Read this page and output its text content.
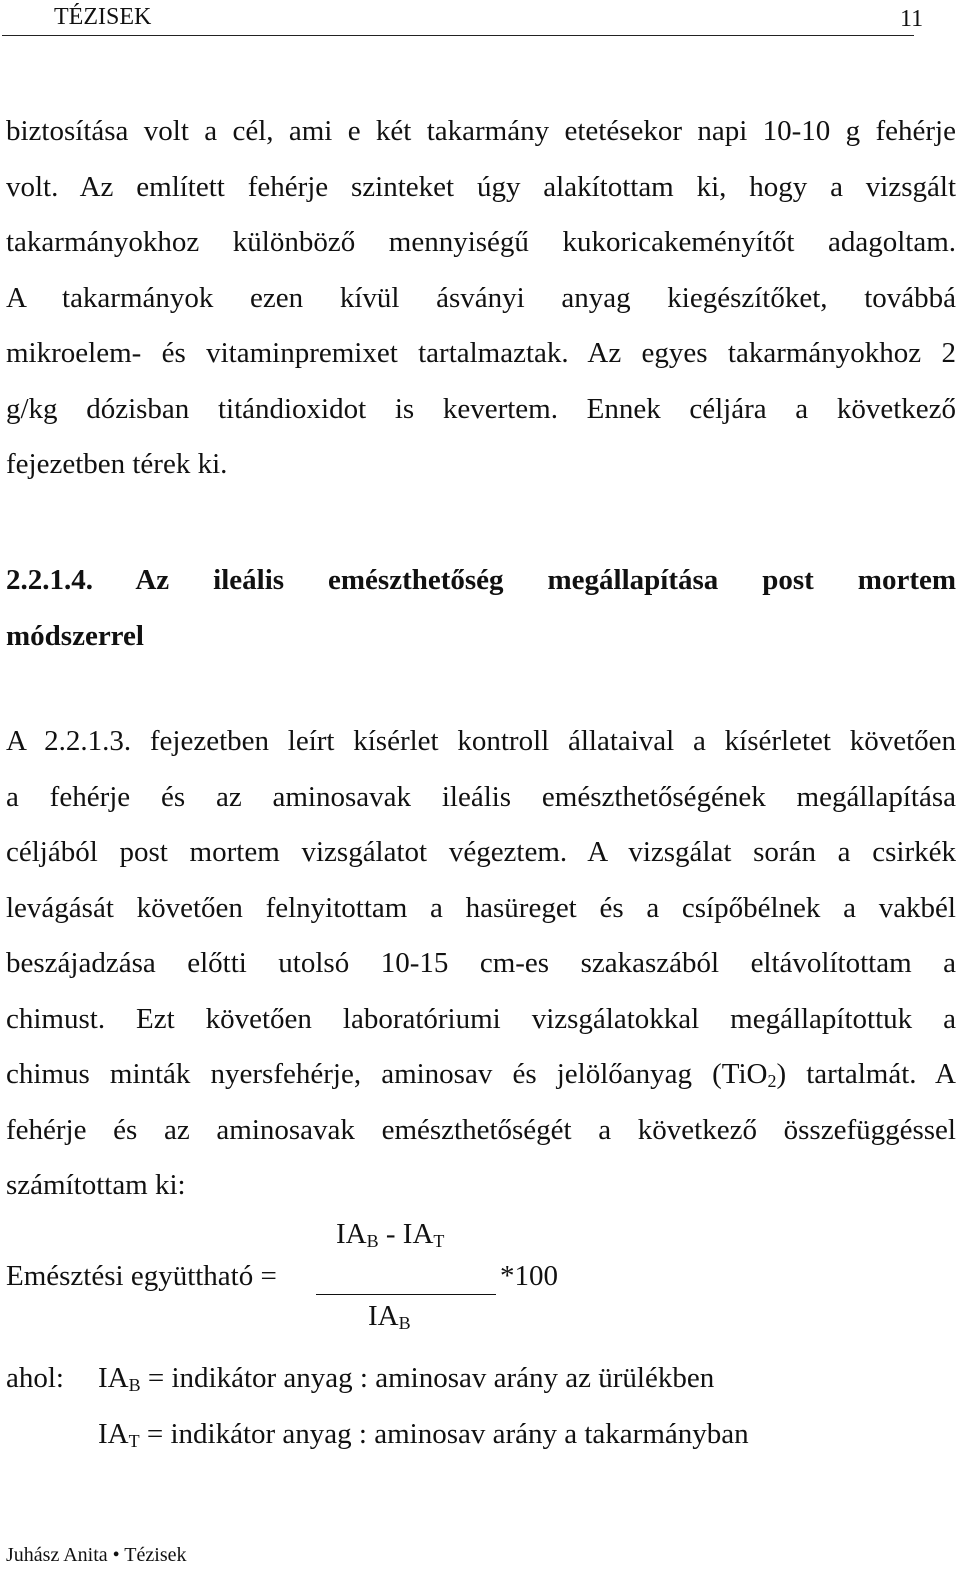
TÉZISEK	11

biztosítása volt a cél, ami e két takarmány etetésekor napi 10-10 g fehérje
volt. Az említett fehérje szinteket úgy alakítottam ki, hogy a vizsgált
takarmányokhoz különböző mennyiségű kukoricakeményítőt adagoltam.
A takarmányok ezen kívül ásványi anyag kiegészítőket, továbbá
mikroelem- és vitaminpremixet tartalmaztak. Az egyes takarmányokhoz 2
g/kg dózisban titándioxidot is kevertem. Ennek céljára a következő
fejezetben térek ki.

2.2.1.4. Az ileális emészthetőség megállapítása post mortem
módszerrel

A 2.2.1.3. fejezetben leírt kísérlet kontroll állataival a kísérletet követően
a fehérje és az aminosavak ileális emészthetőségének megállapítása
céljából post mortem vizsgálatot végeztem. A vizsgálat során a csirkék
levágását követően felnyitottam a hasüreget és a csípőbélnek a vakbél
beszájadzása előtti utolsó 10-15 cm-es szakaszából eltávolítottam a
chimust. Ezt követően laboratóriumi vizsgálatokkal megállapítottuk a
chimus minták nyersfehérje, aminosav és jelölőanyag (TiO$_2$) tartalmát. A
fehérje és az aminosavak emészthetőségét a következő összefüggéssel
számítottam ki:

$IA_B - IA_T$
Emésztési együttható =	*100
$IA_B$
ahol: $IA_B$ = indikátor anyag : aminosav arány az ürülékben
$IA_T$ = indikátor anyag : aminosav arány a takarmányban
Juhász Anita • Tézisek
